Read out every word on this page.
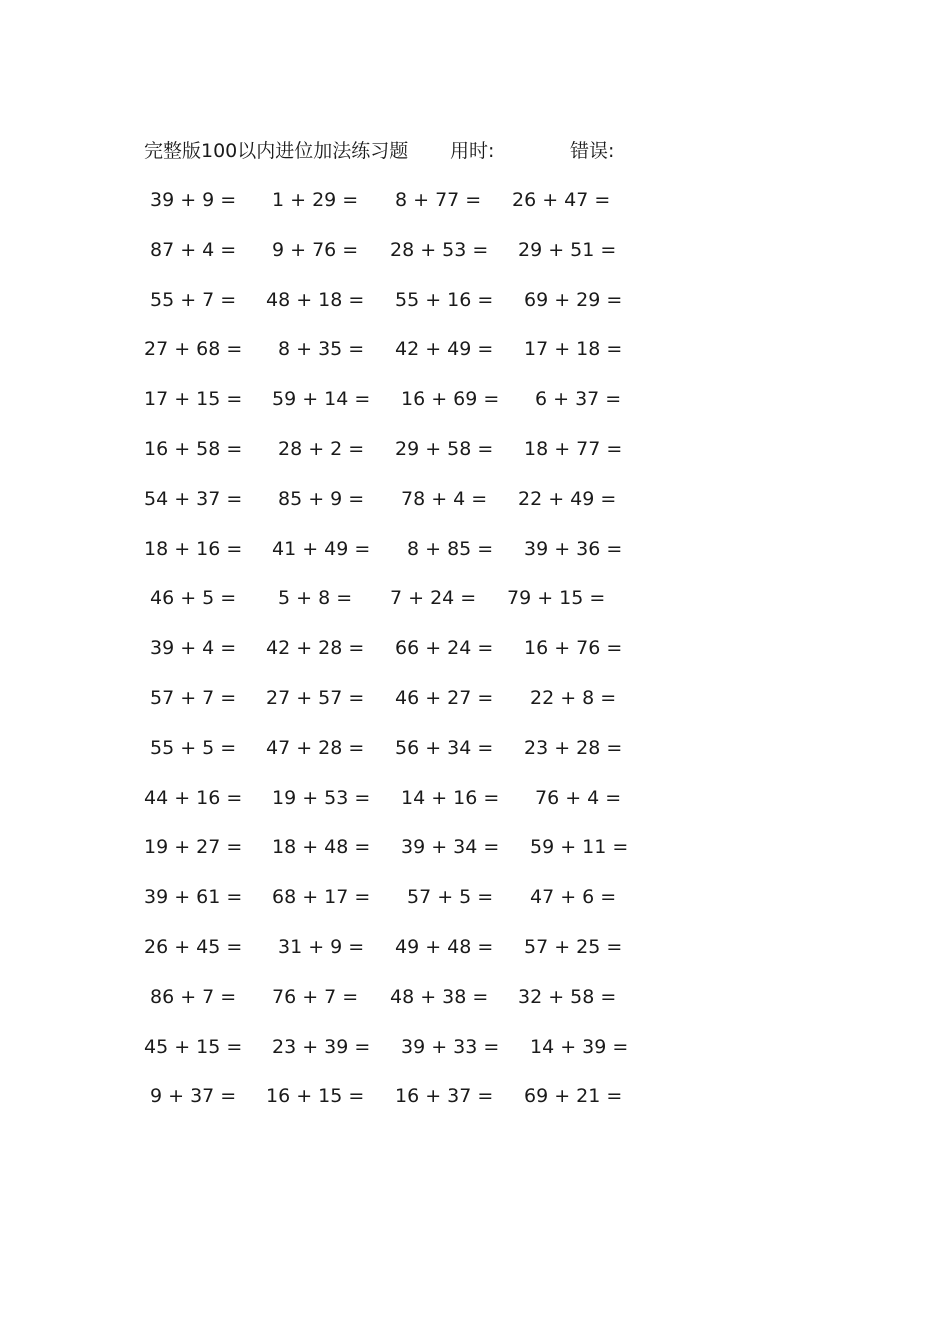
完整版100以内进位加法练习题 用时:	错误:
39 + 9 = 1 + 29 = 8 + 77 = 26 + 47 =
87 + 4 = 9 + 76 = 28 + 53 = 29 + 51 =
55 + 7 = 48 + 18 = 55 + 16 = 69 + 29 =
27 + 68 = 8 + 35 = 42 + 49 = 17 + 18 =
17 + 15 = 59 + 14 = 16 + 69 = 6 + 37 =
16 + 58 = 28 + 2 = 29 + 58 = 18 + 77 =
54 + 37 = 85 + 9 = 78 + 4 = 22 + 49 =
18 + 16 = 41 + 49 = 8 + 85 = 39 + 36 =
46 + 5 = 5 + 8 = 7 + 24 = 79 + 15 =
39 + 4 = 42 + 28 = 66 + 24 = 16 + 76 =
57 + 7 = 27 + 57 = 46 + 27 = 22 + 8 =
55 + 5 = 47 + 28 = 56 + 34 = 23 + 28 =
44 + 16 = 19 + 53 = 14 + 16 = 76 + 4 =
19 + 27 = 18 + 48 = 39 + 34 = 59 + 11 =
39 + 61 = 68 + 17 = 57 + 5 = 47 + 6 =
26 + 45 = 31 + 9 = 49 + 48 = 57 + 25 =
86 + 7 = 76 + 7 = 48 + 38 = 32 + 58 =
45 + 15 = 23 + 39 = 39 + 33 = 14 + 39 =
9 + 37 = 16 + 15 = 16 + 37 = 69 + 21 =
